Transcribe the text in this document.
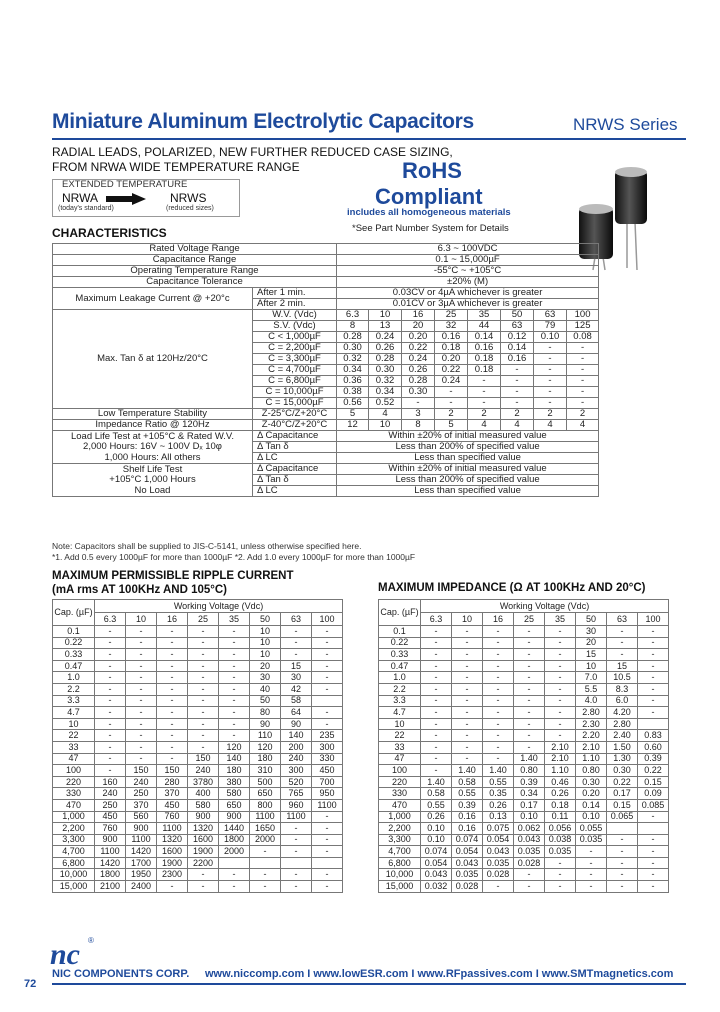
Miniature Aluminum Electrolytic Capacitors	NRWS Series
RADIAL LEADS, POLARIZED, NEW FURTHER REDUCED CASE SIZING,
FROM NRWA WIDE TEMPERATURE RANGE
EXTENDED TEMPERATURE
NRWA	NRWS
(today's standard)	(reduced sizes)
RoHS
Compliant
includes all homogeneous materials
*See Part Number System for Details
CHARACTERISTICS
Rated Voltage Range		6.3 ~ 100VDC							
Capacitance Range		0.1 ~ 15,000µF							
Operating Temperature Range		-55°C ~ +105°C							
Capacitance Tolerance		±20% (M)							
Maximum Leakage Current @ +20°c	After 1 min.	0.03CV or 4µA whichever is greater							
	After 2 min.	0.01CV or 3µA whichever is greater							
Max. Tan δ at 120Hz/20°C	W.V. (Vdc)	6.3	10	16	25	35	50	63	100
	S.V. (Vdc)	8	13	20	32	44	63	79	125
	C < 1,000µF	0.28	0.24	0.20	0.16	0.14	0.12	0.10	0.08
	C = 2,200µF	0.30	0.26	0.22	0.18	0.16	0.14	-	-
	C = 3,300µF	0.32	0.28	0.24	0.20	0.18	0.16	-	-
	C = 4,700µF	0.34	0.30	0.26	0.22	0.18	-	-	-
	C = 6,800µF	0.36	0.32	0.28	0.24	-	-	-	-
	C = 10,000µF	0.38	0.34	0.30	-	-	-	-	-
	C = 15,000µF	0.56	0.52	-	-	-	-	-	-
Low Temperature Stability	Z-25°C/Z+20°C	5	4	3	2	2	2	2	2
Impedance Ratio @ 120Hz	Z-40°C/Z+20°C	12	10	8	5	4	4	4	4
Load Life Test at +105°C & Rated W.V.	Δ Capacitance	Within ±20% of initial measured value							
2,000 Hours: 16V ~ 100V Dₓ 10φ	Δ Tan δ	Less than 200% of specified value							
1,000 Hours: All others	Δ LC	Less than specified value							
Shelf Life Test	Δ Capacitance	Within ±20% of initial measured value							
+105°C 1,000 Hours	Δ Tan δ	Less than 200% of specified value							
No Load	Δ LC	Less than specified value							
Note: Capacitors shall be supplied to JIS-C-5141, unless otherwise specified here.
*1. Add 0.5 every 1000µF for more than 1000µF *2. Add 1.0 every 1000µF for more than 1000µF
MAXIMUM PERMISSIBLE RIPPLE CURRENT
(mA rms AT 100KHz AND 105°C)	MAXIMUM IMPEDANCE (Ω AT 100KHz AND 20°C)
Cap. (µF)	Working Voltage (Vdc)							
	6.3	10	16	25	35	50	63	100
0.1	-	-	-	-	-	10	-	-
0.22	-	-	-	-	-	10	-	-
0.33	-	-	-	-	-	10	-	-
0.47	-	-	-	-	-	20	15	-
1.0	-	-	-	-	-	30	30	-
2.2	-	-	-	-	-	40	42	-
3.3	-	-	-	-	-	50	58	
4.7	-	-	-	-	-	80	64	-
10	-	-	-	-	-	90	90	-
22	-	-	-	-	-	110	140	235
33	-	-	-	-	120	120	200	300
47	-	-	-	150	140	180	240	330
100	-	150	150	240	180	310	300	450
220	160	240	280	3780	380	500	520	700
330	240	250	370	400	580	650	765	950
470	250	370	450	580	650	800	960	1100
1,000	450	560	760	900	900	1100	1100	-
2,200	760	900	1100	1320	1440	1650	-	-
3,300	900	1100	1320	1600	1800	2000	-	-
4,700	1100	1420	1600	1900	2000	-	-	-
6,800	1420	1700	1900	2200				
10,000	1800	1950	2300	-	-	-	-	-
15,000	2100	2400	-	-	-	-	-	-
Cap. (µF)	Working Voltage (Vdc)							
	6.3	10	16	25	35	50	63	100
0.1	-	-	-	-	-	30	-	-
0.22	-	-	-	-	-	20	-	-
0.33	-	-	-	-	-	15	-	-
0.47	-	-	-	-	-	10	15	-
1.0	-	-	-	-	-	7.0	10.5	-
2.2	-	-	-	-	-	5.5	8.3	-
3.3	-	-	-	-	-	4.0	6.0	-
4.7	-	-	-	-	-	2.80	4.20	-
10	-	-	-	-	-	2.30	2.80	
22	-	-	-	-	-	2.20	2.40	0.83
33	-	-	-	-	2.10	2.10	1.50	0.60
47	-	-	-	1.40	2.10	1.10	1.30	0.39
100	-	1.40	1.40	0.80	1.10	0.80	0.30	0.22
220	1.40	0.58	0.55	0.39	0.46	0.30	0.22	0.15
330	0.58	0.55	0.35	0.34	0.26	0.20	0.17	0.09
470	0.55	0.39	0.26	0.17	0.18	0.14	0.15	0.085
1,000	0.26	0.16	0.13	0.10	0.11	0.10	0.065	-
2,200	0.10	0.16	0.075	0.062	0.056	0.055		
3,300	0.10	0.074	0.054	0.043	0.038	0.035	-	-
4,700	0.074	0.054	0.043	0.035	0.035	-	-	-
6,800	0.054	0.043	0.035	0.028	-	-	-	-
10,000	0.043	0.035	0.028	-	-	-	-	-
15,000	0.032	0.028	-	-	-	-	-	-
nc ®
NIC COMPONENTS CORP. www.niccomp.com I www.lowESR.com I www.RFpassives.com I www.SMTmagnetics.com
72
